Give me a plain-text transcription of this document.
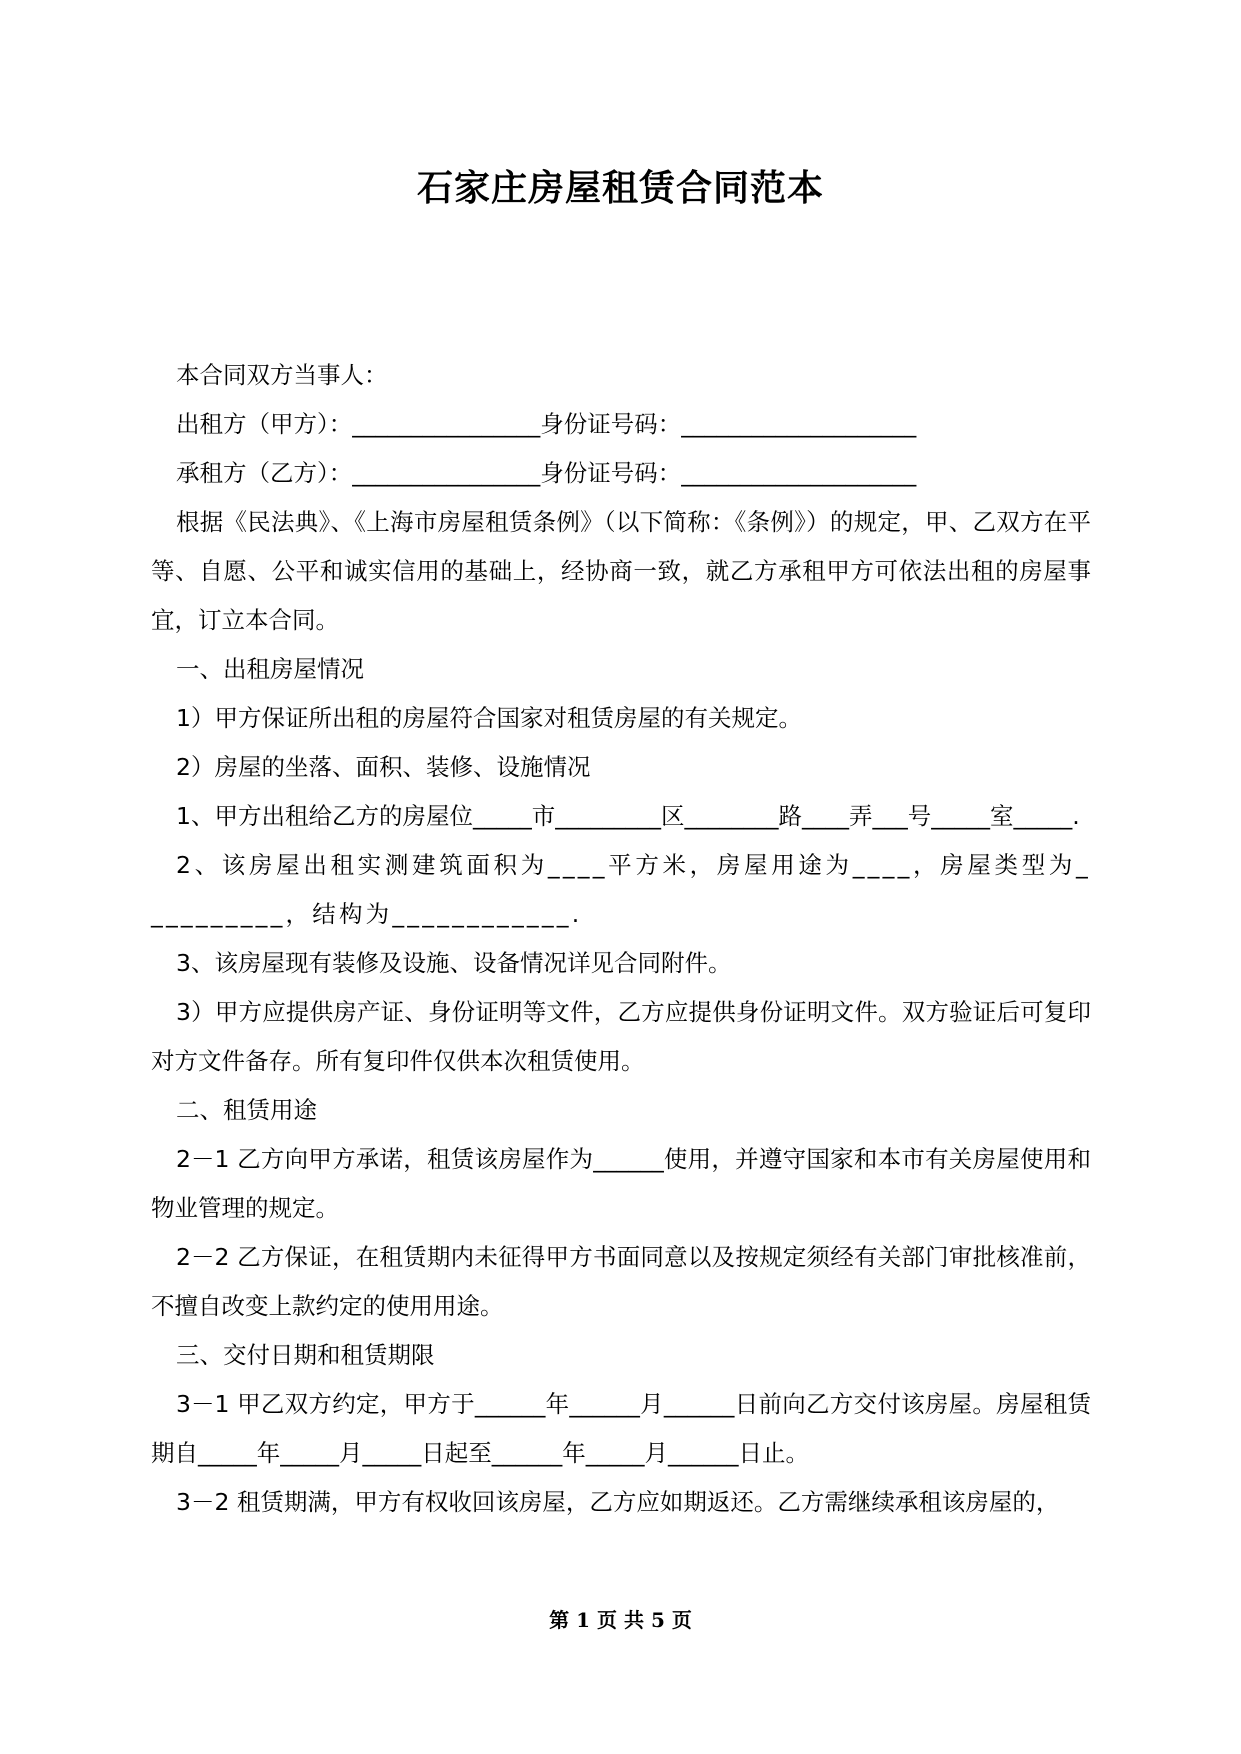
石家庄房屋租赁合同范本

本合同双方当事人：

出租方（甲方）：________________身份证号码：____________________

承租方（乙方）：________________身份证号码：____________________

根据《民法典》、《上海市房屋租赁条例》（以下简称：《条例》）的规定，甲、乙双方在平等、自愿、公平和诚实信用的基础上，经协商一致，就乙方承租甲方可依法出租的房屋事宜，订立本合同。

一、出租房屋情况

1）甲方保证所出租的房屋符合国家对租赁房屋的有关规定。

2）房屋的坐落、面积、装修、设施情况

1、甲方出租给乙方的房屋位_____市_________区________路____弄___号_____室_____.

2、该房屋出租实测建筑面积为____平方米，房屋用途为____，房屋类型为__________，结构为____________.

3、该房屋现有装修及设施、设备情况详见合同附件。

3）甲方应提供房产证、身份证明等文件，乙方应提供身份证明文件。双方验证后可复印对方文件备存。所有复印件仅供本次租赁使用。

二、租赁用途

2－1 乙方向甲方承诺，租赁该房屋作为______使用，并遵守国家和本市有关房屋使用和物业管理的规定。

2－2 乙方保证，在租赁期内未征得甲方书面同意以及按规定须经有关部门审批核准前，不擅自改变上款约定的使用用途。

三、交付日期和租赁期限

3－1 甲乙双方约定，甲方于______年______月______日前向乙方交付该房屋。房屋租赁期自_____年_____月_____日起至______年_____月______日止。

3－2 租赁期满，甲方有权收回该房屋，乙方应如期返还。乙方需继续承租该房屋的，

第 1 页 共 5 页
